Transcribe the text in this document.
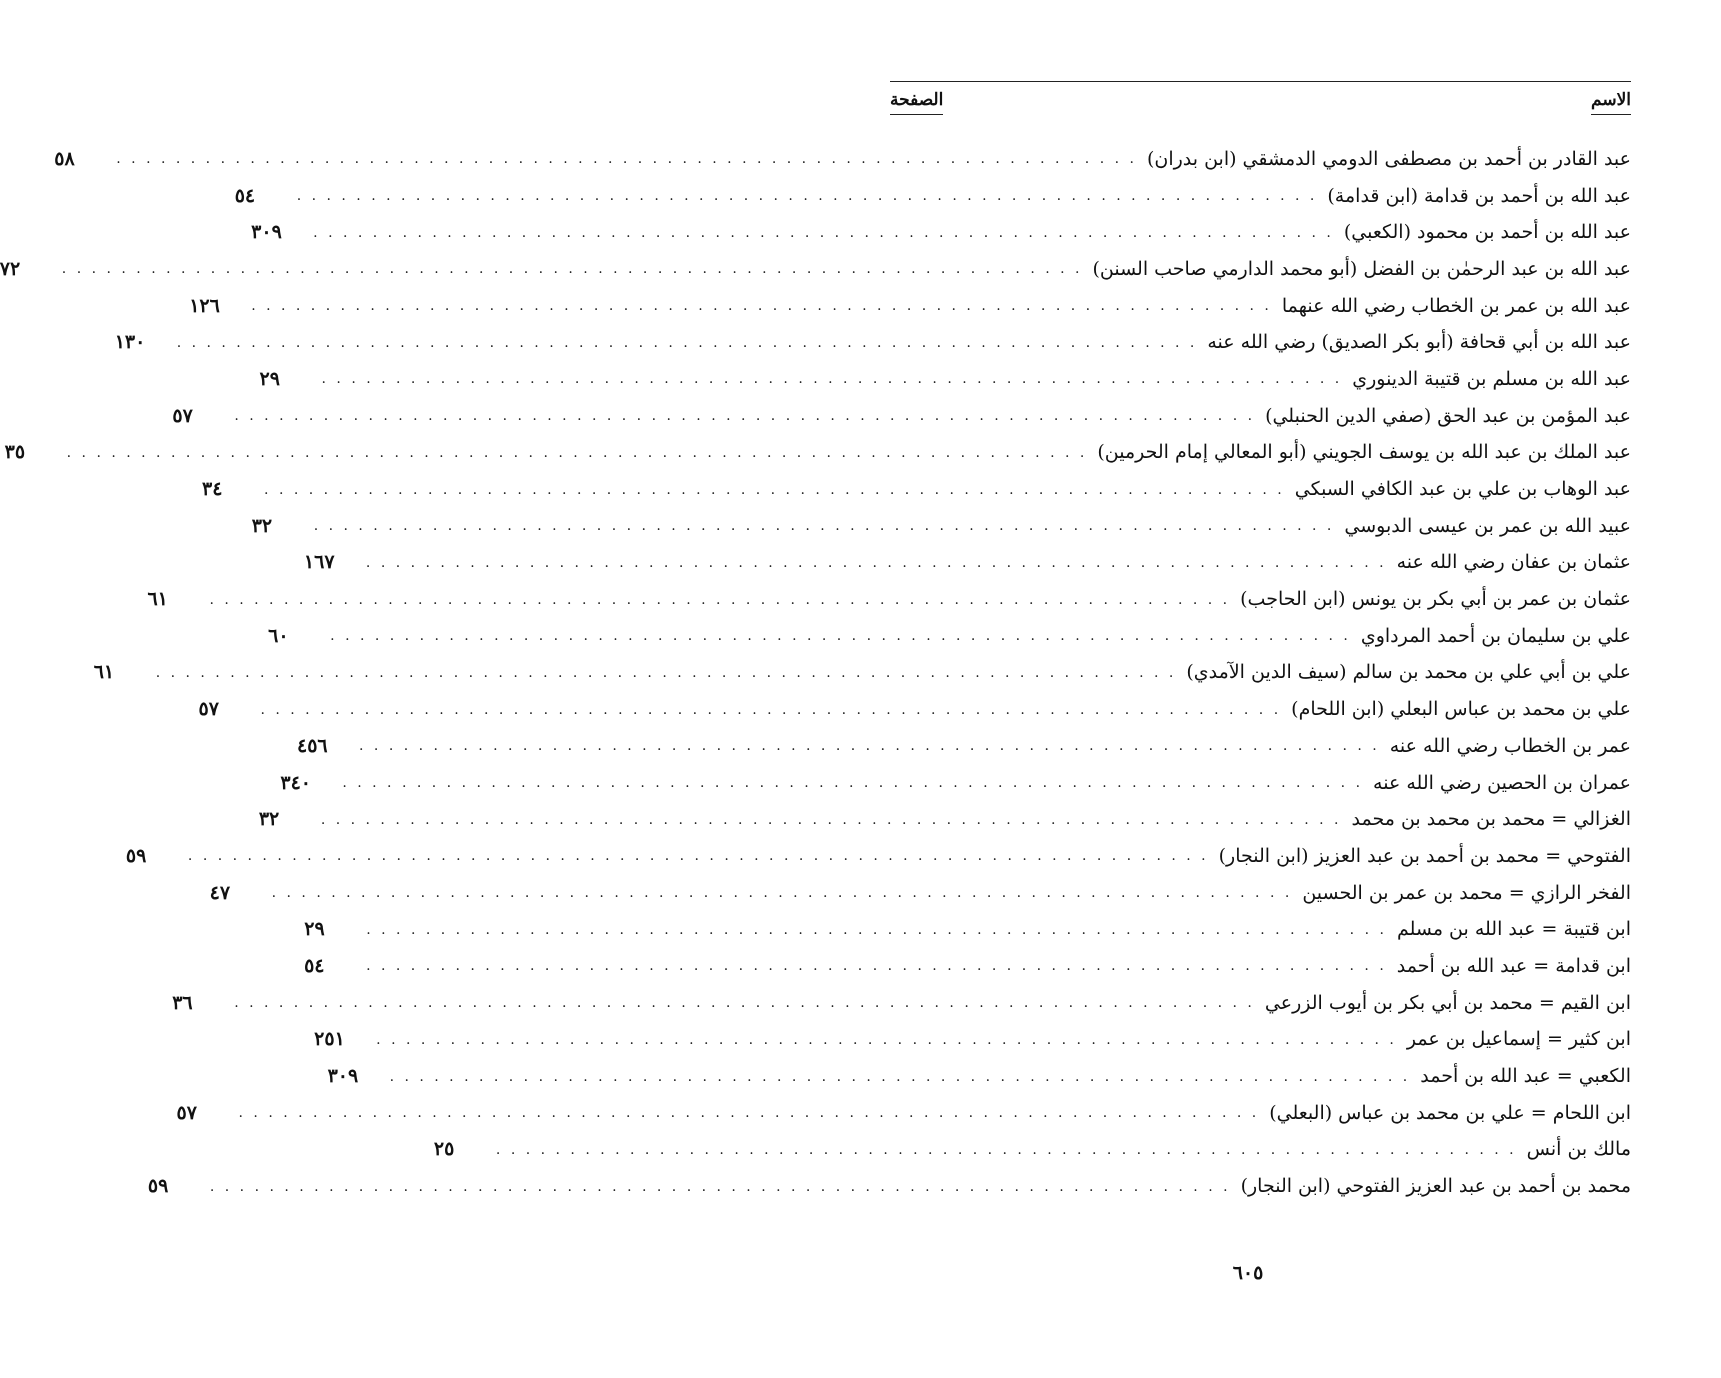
الاسم
الصفحة
عبد القادر بن أحمد بن مصطفى الدومي الدمشقي (ابن بدران)
. . . . . . . . . . . . . . . . . . . . . . . . . . . . . . . . . . . . . . . . . . . . . . . . . . . . . . . . . . . . . . . . . . . . .
٥٨
عبد الله بن أحمد بن قدامة (ابن قدامة)
. . . . . . . . . . . . . . . . . . . . . . . . . . . . . . . . . . . . . . . . . . . . . . . . . . . . . . . . . . . . . . . . . . . . .
٥٤
عبد الله بن أحمد بن محمود (الكعبي)
. . . . . . . . . . . . . . . . . . . . . . . . . . . . . . . . . . . . . . . . . . . . . . . . . . . . . . . . . . . . . . . . . . . . .
٣٠٩
عبد الله بن عبد الرحمٰن بن الفضل (أبو محمد الدارمي صاحب السنن)
. . . . . . . . . . . . . . . . . . . . . . . . . . . . . . . . . . . . . . . . . . . . . . . . . . . . . . . . . . . . . . . . . . . . .
٧٢
عبد الله بن عمر بن الخطاب رضي الله عنهما
. . . . . . . . . . . . . . . . . . . . . . . . . . . . . . . . . . . . . . . . . . . . . . . . . . . . . . . . . . . . . . . . . . . . .
١٢٦
عبد الله بن أبي قحافة (أبو بكر الصديق) رضي الله عنه
. . . . . . . . . . . . . . . . . . . . . . . . . . . . . . . . . . . . . . . . . . . . . . . . . . . . . . . . . . . . . . . . . . . . .
١٣٠
عبد الله بن مسلم بن قتيبة الدينوري
. . . . . . . . . . . . . . . . . . . . . . . . . . . . . . . . . . . . . . . . . . . . . . . . . . . . . . . . . . . . . . . . . . . . .
٢٩
عبد المؤمن بن عبد الحق (صفي الدين الحنبلي)
. . . . . . . . . . . . . . . . . . . . . . . . . . . . . . . . . . . . . . . . . . . . . . . . . . . . . . . . . . . . . . . . . . . . .
٥٧
عبد الملك بن عبد الله بن يوسف الجويني (أبو المعالي إمام الحرمين)
. . . . . . . . . . . . . . . . . . . . . . . . . . . . . . . . . . . . . . . . . . . . . . . . . . . . . . . . . . . . . . . . . . . . .
٣٥
عبد الوهاب بن علي بن عبد الكافي السبكي
. . . . . . . . . . . . . . . . . . . . . . . . . . . . . . . . . . . . . . . . . . . . . . . . . . . . . . . . . . . . . . . . . . . . .
٣٤
عبيد الله بن عمر بن عيسى الدبوسي
. . . . . . . . . . . . . . . . . . . . . . . . . . . . . . . . . . . . . . . . . . . . . . . . . . . . . . . . . . . . . . . . . . . . .
٣٢
عثمان بن عفان رضي الله عنه
. . . . . . . . . . . . . . . . . . . . . . . . . . . . . . . . . . . . . . . . . . . . . . . . . . . . . . . . . . . . . . . . . . . . .
١٦٧
عثمان بن عمر بن أبي بكر بن يونس (ابن الحاجب)
. . . . . . . . . . . . . . . . . . . . . . . . . . . . . . . . . . . . . . . . . . . . . . . . . . . . . . . . . . . . . . . . . . . . .
٦١
علي بن سليمان بن أحمد المرداوي
. . . . . . . . . . . . . . . . . . . . . . . . . . . . . . . . . . . . . . . . . . . . . . . . . . . . . . . . . . . . . . . . . . . . .
٦٠
علي بن أبي علي بن محمد بن سالم (سيف الدين الآمدي)
. . . . . . . . . . . . . . . . . . . . . . . . . . . . . . . . . . . . . . . . . . . . . . . . . . . . . . . . . . . . . . . . . . . . .
٦١
علي بن محمد بن عباس البعلي (ابن اللحام)
. . . . . . . . . . . . . . . . . . . . . . . . . . . . . . . . . . . . . . . . . . . . . . . . . . . . . . . . . . . . . . . . . . . . .
٥٧
عمر بن الخطاب رضي الله عنه
. . . . . . . . . . . . . . . . . . . . . . . . . . . . . . . . . . . . . . . . . . . . . . . . . . . . . . . . . . . . . . . . . . . . .
٤٥٦
عمران بن الحصين رضي الله عنه
. . . . . . . . . . . . . . . . . . . . . . . . . . . . . . . . . . . . . . . . . . . . . . . . . . . . . . . . . . . . . . . . . . . . .
٣٤٠
الغزالي = محمد بن محمد بن محمد
. . . . . . . . . . . . . . . . . . . . . . . . . . . . . . . . . . . . . . . . . . . . . . . . . . . . . . . . . . . . . . . . . . . . .
٣٢
الفتوحي = محمد بن أحمد بن عبد العزيز (ابن النجار)
. . . . . . . . . . . . . . . . . . . . . . . . . . . . . . . . . . . . . . . . . . . . . . . . . . . . . . . . . . . . . . . . . . . . .
٥٩
الفخر الرازي = محمد بن عمر بن الحسين
. . . . . . . . . . . . . . . . . . . . . . . . . . . . . . . . . . . . . . . . . . . . . . . . . . . . . . . . . . . . . . . . . . . . .
٤٧
ابن قتيبة = عبد الله بن مسلم
. . . . . . . . . . . . . . . . . . . . . . . . . . . . . . . . . . . . . . . . . . . . . . . . . . . . . . . . . . . . . . . . . . . . .
٢٩
ابن قدامة = عبد الله بن أحمد
. . . . . . . . . . . . . . . . . . . . . . . . . . . . . . . . . . . . . . . . . . . . . . . . . . . . . . . . . . . . . . . . . . . . .
٥٤
ابن القيم = محمد بن أبي بكر بن أيوب الزرعي
. . . . . . . . . . . . . . . . . . . . . . . . . . . . . . . . . . . . . . . . . . . . . . . . . . . . . . . . . . . . . . . . . . . . .
٣٦
ابن كثير = إسماعيل بن عمر
. . . . . . . . . . . . . . . . . . . . . . . . . . . . . . . . . . . . . . . . . . . . . . . . . . . . . . . . . . . . . . . . . . . . .
٢٥١
الكعبي = عبد الله بن أحمد
. . . . . . . . . . . . . . . . . . . . . . . . . . . . . . . . . . . . . . . . . . . . . . . . . . . . . . . . . . . . . . . . . . . . .
٣٠٩
ابن اللحام = علي بن محمد بن عباس (البعلي)
. . . . . . . . . . . . . . . . . . . . . . . . . . . . . . . . . . . . . . . . . . . . . . . . . . . . . . . . . . . . . . . . . . . . .
٥٧
مالك بن أنس
. . . . . . . . . . . . . . . . . . . . . . . . . . . . . . . . . . . . . . . . . . . . . . . . . . . . . . . . . . . . . . . . . . . . .
٢٥
محمد بن أحمد بن عبد العزيز الفتوحي (ابن النجار)
. . . . . . . . . . . . . . . . . . . . . . . . . . . . . . . . . . . . . . . . . . . . . . . . . . . . . . . . . . . . . . . . . . . . .
٥٩
٦٠٥
